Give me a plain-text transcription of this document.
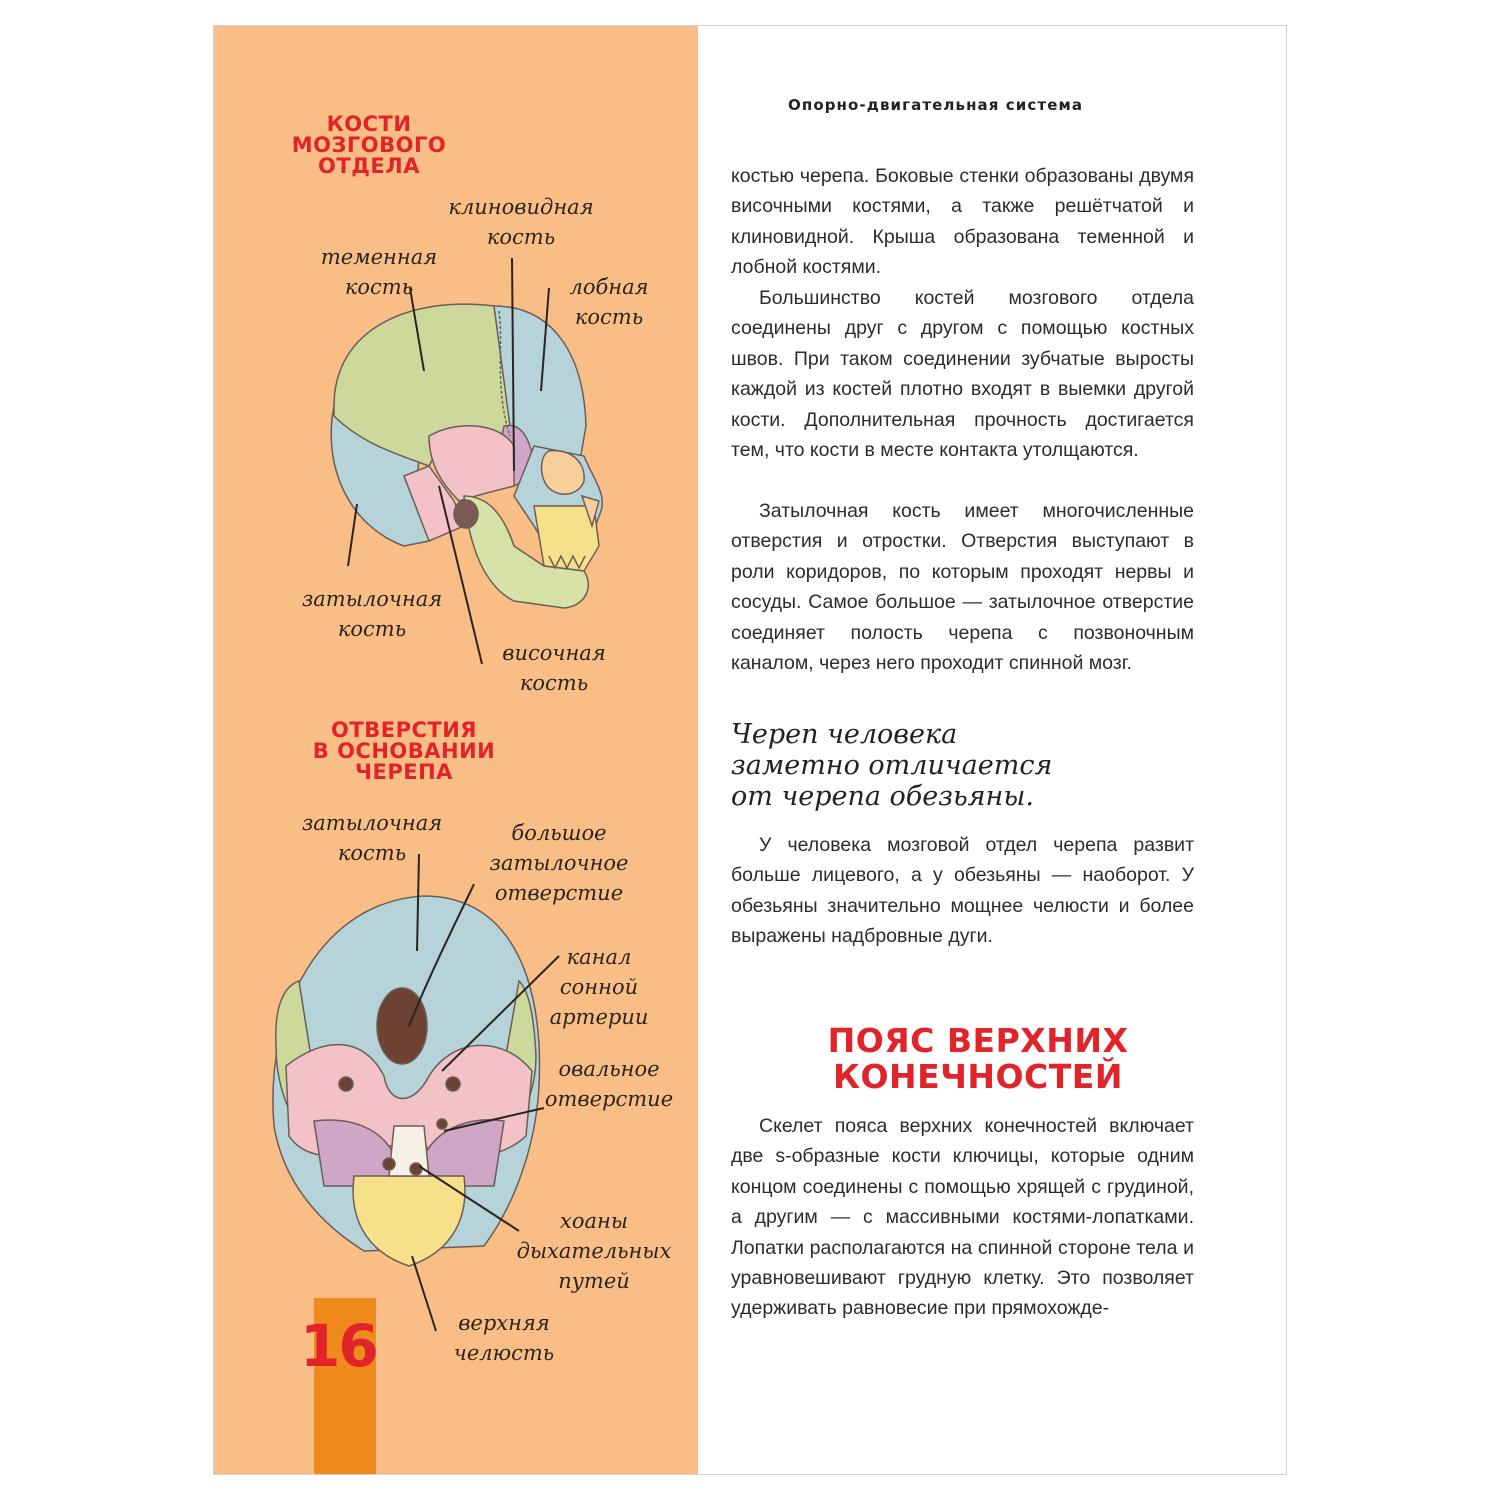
КОСТИ
МОЗГОВОГО
ОТДЕЛА
клиновидная
кость
теменная
кость	лобная
кость
затылочная
кость
височная
кость
ОТВЕРСТИЯ
В ОСНОВАНИИ
ЧЕРЕПА
затылочная
кость
большое
затылочное
отверстие
канал
сонной
артерии
овальное
отверстие
хоаны
дыхательных
путей
верхняя
челюсть
16
Опорно-двигательная система

костью черепа. Боковые стенки образованы двумя височными костями, а также решётчатой и клиновидной. Крыша образована теменной и лобной костями.

Большинство костей мозгового отдела соединены друг с другом с помощью костных швов. При таком соединении зубчатые выросты каждой из костей плотно входят в выемки другой кости. Дополнительная прочность достигается тем, что кости в месте контакта утолщаются.

Затылочная кость имеет многочисленные отверстия и отростки. Отверстия выступают в роли коридоров, по которым проходят нервы и сосуды. Самое большое — затылочное отверстие соединяет полость черепа с позвоночным каналом, через него проходит спинной мозг.

Череп человека
заметно отличается
от черепа обезьяны.

У человека мозговой отдел черепа развит больше лицевого, а у обезьяны — наоборот. У обезьяны значительно мощнее челюсти и более выражены надбровные дуги.

ПОЯС ВЕРХНИХ
КОНЕЧНОСТЕЙ

Скелет пояса верхних конечностей включает две s-образные кости ключицы, которые одним концом соединены с помощью хрящей с грудиной, а другим — с массивными костями-лопатками. Лопатки располагаются на спинной стороне тела и уравновешивают грудную клетку. Это позволяет удерживать равновесие при прямохожде-
